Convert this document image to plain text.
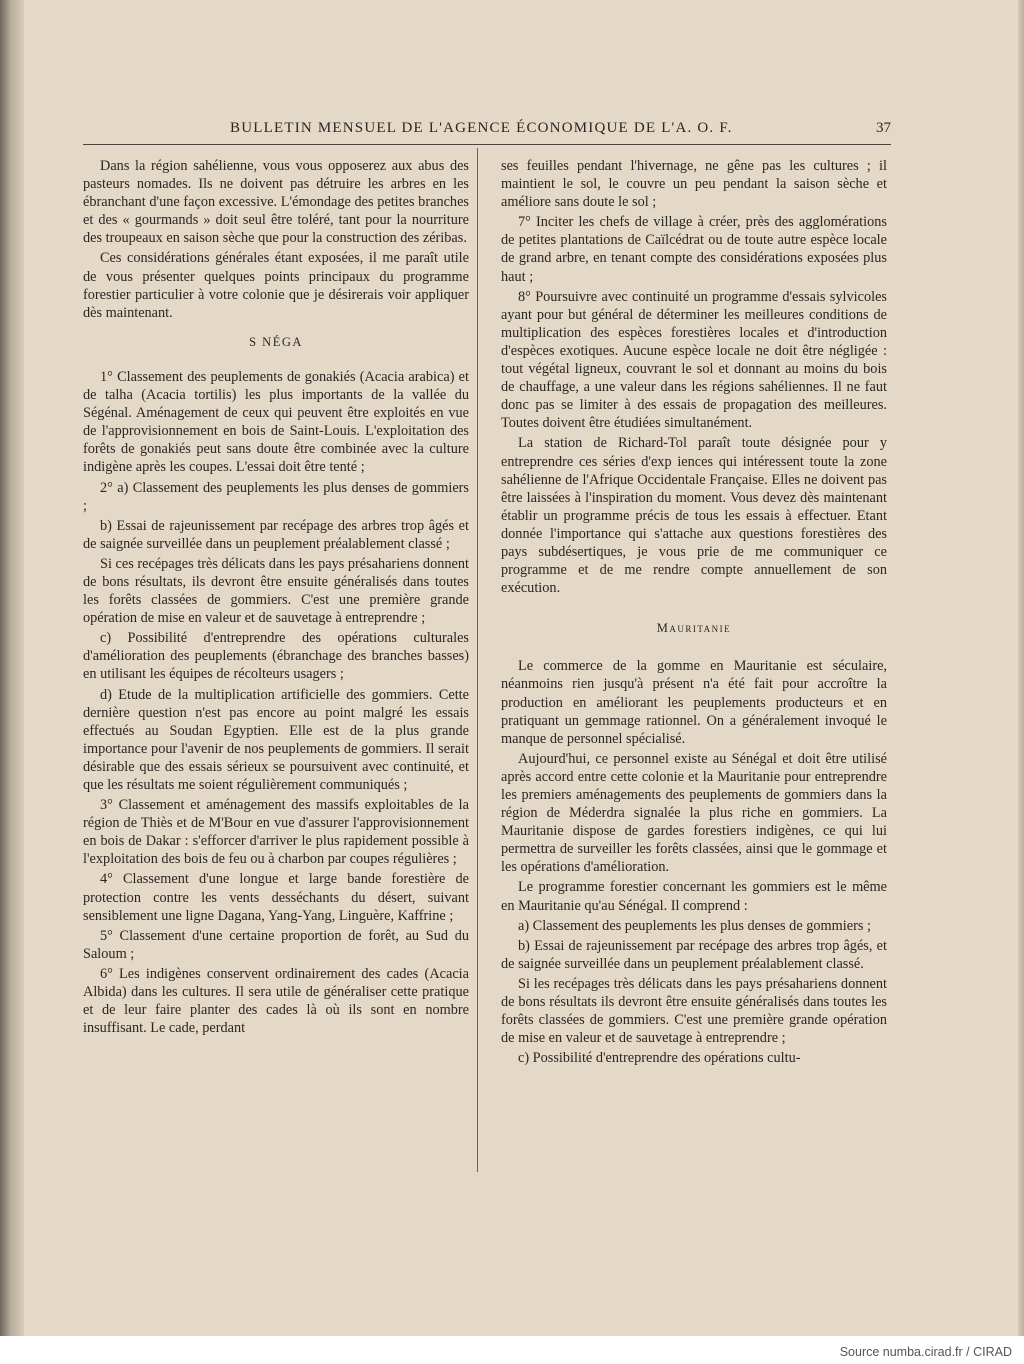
BULLETIN MENSUEL DE L'AGENCE ÉCONOMIQUE DE L'A. O. F.	37

Dans la région sahélienne, vous vous opposerez aux abus des pasteurs nomades. Ils ne doivent pas détruire les arbres en les ébranchant d'une façon excessive. L'émondage des petites branches et des « gourmands » doit seul être toléré, tant pour la nourriture des troupeaux en saison sèche que pour la construction des zéribas.

Ces considérations générales étant exposées, il me paraît utile de vous présenter quelques points principaux du programme forestier particulier à votre colonie que je désirerais voir appliquer dès maintenant.

S NÉGA

1° Classement des peuplements de gonakiés (Acacia arabica) et de talha (Acacia tortilis) les plus importants de la vallée du Ségénal. Aménagement de ceux qui peuvent être exploités en vue de l'approvisionnement en bois de Saint-Louis. L'exploitation des forêts de gonakiés peut sans doute être combinée avec la culture indigène après les coupes. L'essai doit être tenté ;

2° a) Classement des peuplements les plus denses de gommiers ;

b) Essai de rajeunissement par recépage des arbres trop âgés et de saignée surveillée dans un peuplement préalablement classé ;

Si ces recépages très délicats dans les pays présahariens donnent de bons résultats, ils devront être ensuite généralisés dans toutes les forêts classées de gommiers. C'est une première grande opération de mise en valeur et de sauvetage à entreprendre ;

c) Possibilité d'entreprendre des opérations culturales d'amélioration des peuplements (ébranchage des branches basses) en utilisant les équipes de récolteurs usagers ;

d) Etude de la multiplication artificielle des gommiers. Cette dernière question n'est pas encore au point malgré les essais effectués au Soudan Egyptien. Elle est de la plus grande importance pour l'avenir de nos peuplements de gommiers. Il serait désirable que des essais sérieux se poursuivent avec continuité, et que les résultats me soient régulièrement communiqués ;

3° Classement et aménagement des massifs exploitables de la région de Thiès et de M'Bour en vue d'assurer l'approvisionnement en bois de Dakar : s'efforcer d'arriver le plus rapidement possible à l'exploitation des bois de feu ou à charbon par coupes régulières ;

4° Classement d'une longue et large bande forestière de protection contre les vents desséchants du désert, suivant sensiblement une ligne Dagana, Yang-Yang, Linguère, Kaffrine ;

5° Classement d'une certaine proportion de forêt, au Sud du Saloum ;

6° Les indigènes conservent ordinairement des cades (Acacia Albida) dans les cultures. Il sera utile de généraliser cette pratique et de leur faire planter des cades là où ils sont en nombre insuffisant. Le cade, perdant

ses feuilles pendant l'hivernage, ne gêne pas les cultures ; il maintient le sol, le couvre un peu pendant la saison sèche et améliore sans doute le sol ;

7° Inciter les chefs de village à créer, près des agglomérations de petites plantations de Caïlcédrat ou de toute autre espèce locale de grand arbre, en tenant compte des considérations exposées plus haut ;

8° Poursuivre avec continuité un programme d'essais sylvicoles ayant pour but général de déterminer les meilleures conditions de multiplication des espèces forestières locales et d'introduction d'espèces exotiques. Aucune espèce locale ne doit être négligée : tout végétal ligneux, couvrant le sol et donnant au moins du bois de chauffage, a une valeur dans les régions sahéliennes. Il ne faut donc pas se limiter à des essais de propagation des meilleures. Toutes doivent être étudiées simultanément.

La station de Richard-Tol paraît toute désignée pour y entreprendre ces séries d'exp iences qui intéressent toute la zone sahélienne de l'Afrique Occidentale Française. Elles ne doivent pas être laissées à l'inspiration du moment. Vous devez dès maintenant établir un programme précis de tous les essais à effectuer. Etant donnée l'importance qui s'attache aux questions forestières des pays subdésertiques, je vous prie de me communiquer ce programme et de me rendre compte annuellement de son exécution.

Mauritanie

Le commerce de la gomme en Mauritanie est séculaire, néanmoins rien jusqu'à présent n'a été fait pour accroître la production en améliorant les peuplements producteurs et en pratiquant un gemmage rationnel. On a généralement invoqué le manque de personnel spécialisé.

Aujourd'hui, ce personnel existe au Sénégal et doit être utilisé après accord entre cette colonie et la Mauritanie pour entreprendre les premiers aménagements des peuplements de gommiers dans la région de Méderdra signalée la plus riche en gommiers. La Mauritanie dispose de gardes forestiers indigènes, ce qui lui permettra de surveiller les forêts classées, ainsi que le gommage et les opérations d'amélioration.

Le programme forestier concernant les gommiers est le même en Mauritanie qu'au Sénégal. Il comprend :

a) Classement des peuplements les plus denses de gommiers ;

b) Essai de rajeunissement par recépage des arbres trop âgés, et de saignée surveillée dans un peuplement préalablement classé.

Si les recépages très délicats dans les pays présahariens donnent de bons résultats ils devront être ensuite généralisés dans toutes les forêts classées de gommiers. C'est une première grande opération de mise en valeur et de sauvetage à entreprendre ;

c) Possibilité d'entreprendre des opérations cultu-

Source numba.cirad.fr / CIRAD
